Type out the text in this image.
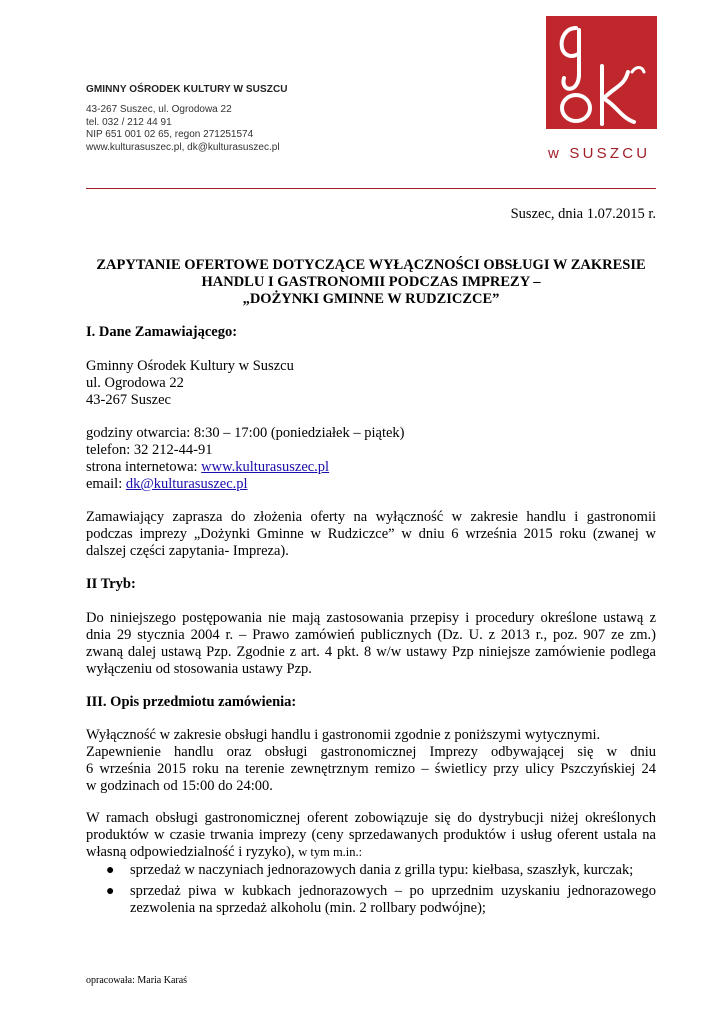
GMINNY OŚRODEK KULTURY W SUSZCU
43-267 Suszec, ul. Ogrodowa 22
tel. 032 / 212 44 91
NIP 651 001 02 65, regon 271251574
www.kulturasuszec.pl, dk@kulturasuszec.pl	w SUSZCU
Suszec, dnia 1.07.2015 r.
ZAPYTANIE OFERTOWE DOTYCZĄCE WYŁĄCZNOŚCI OBSŁUGI W ZAKRESIE
HANDLU I GASTRONOMII PODCZAS IMPREZY –
„DOŻYNKI GMINNE W RUDZICZCE”
I. Dane Zamawiającego:
Gminny Ośrodek Kultury w Suszcu
ul. Ogrodowa 22
43-267 Suszec
godziny otwarcia: 8:30 – 17:00 (poniedziałek – piątek)
telefon: 32 212-44-91
strona internetowa: www.kulturasuszec.pl
email: dk@kulturasuszec.pl
Zamawiający zaprasza do złożenia oferty na wyłączność w zakresie handlu i gastronomii
podczas imprezy „Dożynki Gminne w Rudziczce” w dniu 6 września 2015 roku (zwanej w
dalszej części zapytania- Impreza).
II Tryb:
Do niniejszego postępowania nie mają zastosowania przepisy i procedury określone ustawą z
dnia 29 stycznia 2004 r. – Prawo zamówień publicznych (Dz. U. z 2013 r., poz. 907 ze zm.)
zwaną dalej ustawą Pzp. Zgodnie z art. 4 pkt. 8 w/w ustawy Pzp niniejsze zamówienie podlega
wyłączeniu od stosowania ustawy Pzp.
III. Opis przedmiotu zamówienia:
Wyłączność w zakresie obsługi handlu i gastronomii zgodnie z poniższymi wytycznymi.
Zapewnienie handlu oraz obsługi gastronomicznej Imprezy odbywającej się w dniu
6 września 2015 roku na terenie zewnętrznym remizo – świetlicy przy ulicy Pszczyńskiej 24
w godzinach od 15:00 do 24:00.
W ramach obsługi gastronomicznej oferent zobowiązuje się do dystrybucji niżej określonych
produktów w czasie trwania imprezy (ceny sprzedawanych produktów i usług oferent ustala na
własną odpowiedzialność i ryzyko), w tym m.in.:
● sprzedaż w naczyniach jednorazowych dania z grilla typu: kiełbasa, szaszłyk, kurczak;
● sprzedaż piwa w kubkach jednorazowych – po uprzednim uzyskaniu jednorazowego
zezwolenia na sprzedaż alkoholu (min. 2 rollbary podwójne);
opracowała: Maria Karaś
